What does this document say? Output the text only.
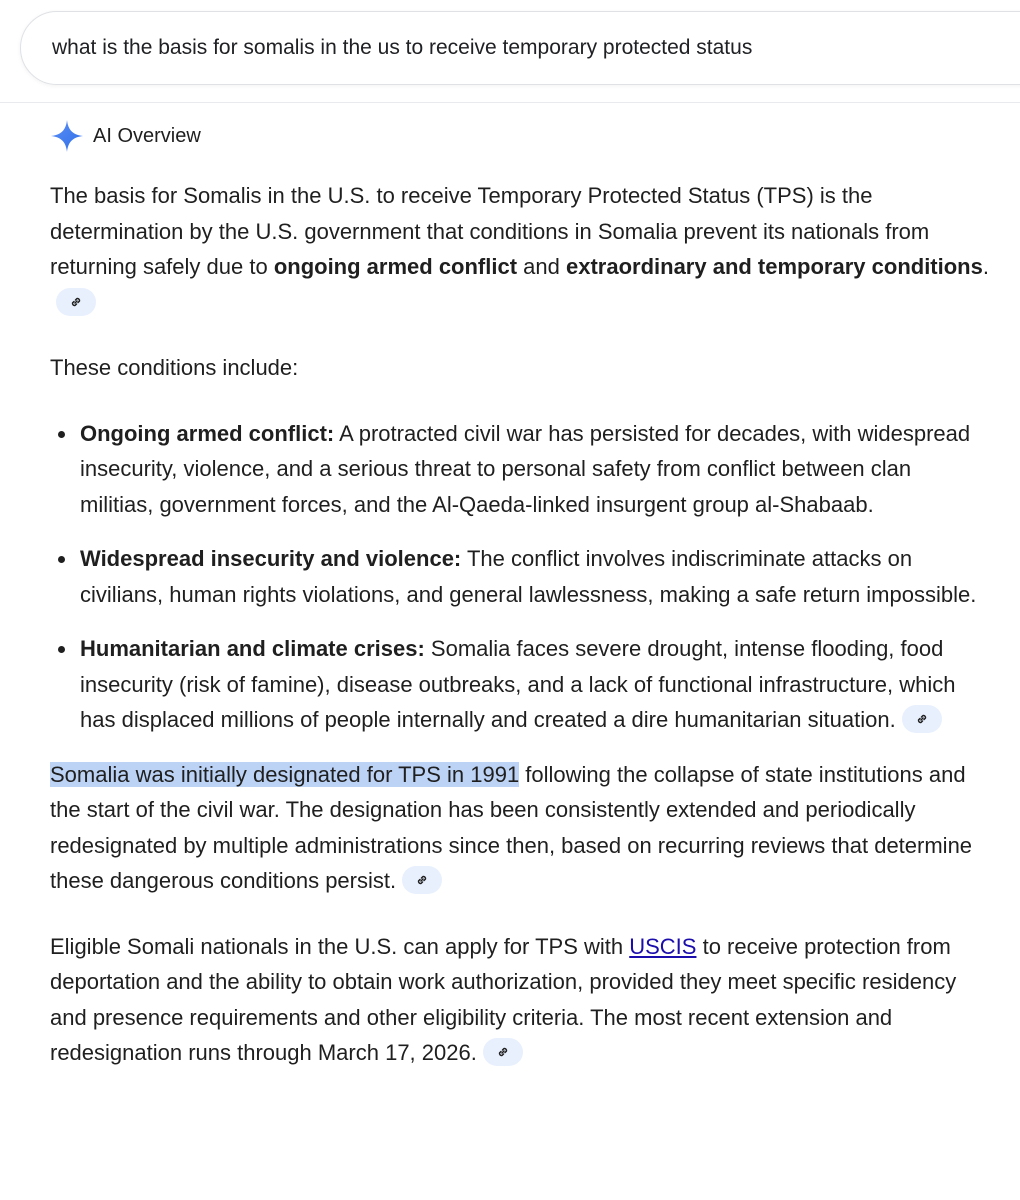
what is the basis for somalis in the us to receive temporary protected status
AI Overview

The basis for Somalis in the U.S. to receive Temporary Protected Status (TPS) is the determination by the U.S. government that conditions in Somalia prevent its nationals from returning safely due to ongoing armed conflict and extraordinary and temporary conditions.

These conditions include:

Ongoing armed conflict: A protracted civil war has persisted for decades, with widespread insecurity, violence, and a serious threat to personal safety from conflict between clan militias, government forces, and the Al-Qaeda-linked insurgent group al-Shabaab.
Widespread insecurity and violence: The conflict involves indiscriminate attacks on civilians, human rights violations, and general lawlessness, making a safe return impossible.
Humanitarian and climate crises: Somalia faces severe drought, intense flooding, food insecurity (risk of famine), disease outbreaks, and a lack of functional infrastructure, which has displaced millions of people internally and created a dire humanitarian situation.

Somalia was initially designated for TPS in 1991 following the collapse of state institutions and the start of the civil war. The designation has been consistently extended and periodically redesignated by multiple administrations since then, based on recurring reviews that determine these dangerous conditions persist.

Eligible Somali nationals in the U.S. can apply for TPS with USCIS to receive protection from deportation and the ability to obtain work authorization, provided they meet specific residency and presence requirements and other eligibility criteria. The most recent extension and redesignation runs through March 17, 2026.
